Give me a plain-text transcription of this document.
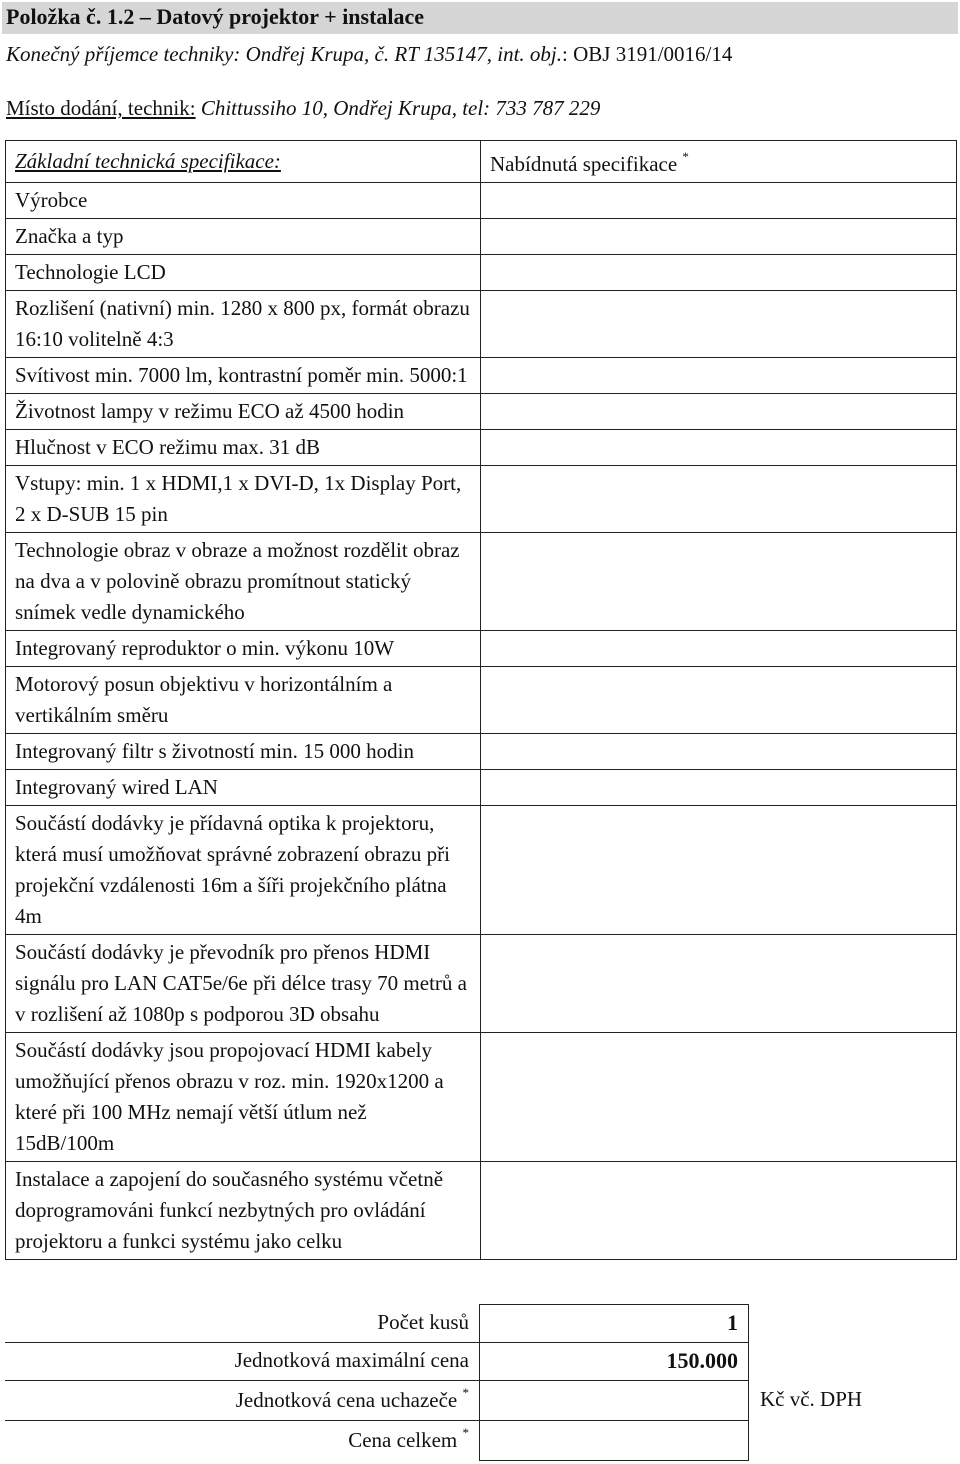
Položka č. 1.2 – Datový projektor + instalace
Konečný příjemce techniky: Ondřej Krupa, č. RT 135147, int. obj.: OBJ 3191/0016/14
Místo dodání, technik: Chittussiho 10, Ondřej Krupa, tel: 733 787 229
Základní technická specifikace:	Nabídnutá specifikace *
Výrobce	
Značka a typ	
Technologie LCD	
Rozlišení (nativní) min. 1280 x 800 px, formát obrazu 16:10 volitelně 4:3	
Svítivost min. 7000 lm, kontrastní poměr min. 5000:1	
Životnost lampy v režimu ECO až 4500 hodin	
Hlučnost v ECO režimu max. 31 dB	
Vstupy: min. 1 x HDMI,1 x DVI-D, 1x Display Port, 2 x D-SUB 15 pin	
Technologie obraz v obraze a možnost rozdělit obraz na dva a v polovině obrazu promítnout statický snímek vedle dynamického	
Integrovaný reproduktor o min. výkonu 10W	
Motorový posun objektivu v horizontálním a vertikálním směru	
Integrovaný filtr s životností min. 15 000 hodin	
Integrovaný wired LAN	
Součástí dodávky je přídavná optika k projektoru, která musí umožňovat správné zobrazení obrazu při projekční vzdálenosti 16m a šíři projekčního plátna 4m	
Součástí dodávky je převodník pro přenos HDMI signálu pro LAN CAT5e/6e při délce trasy 70 metrů a v rozlišení až 1080p s podporou 3D obsahu	
Součástí dodávky jsou propojovací HDMI kabely umožňující přenos obrazu v roz. min. 1920x1200 a které při 100 MHz nemají větší útlum než 15dB/100m	
Instalace a zapojení do současného systému včetně doprogramováni funkcí nezbytných pro ovládání projektoru a funkci systému jako celku	
Počet kusů	1
Jednotková maximální cena	150.000
Jednotková cena uchazeče *
Cena celkem *
Kč vč. DPH
